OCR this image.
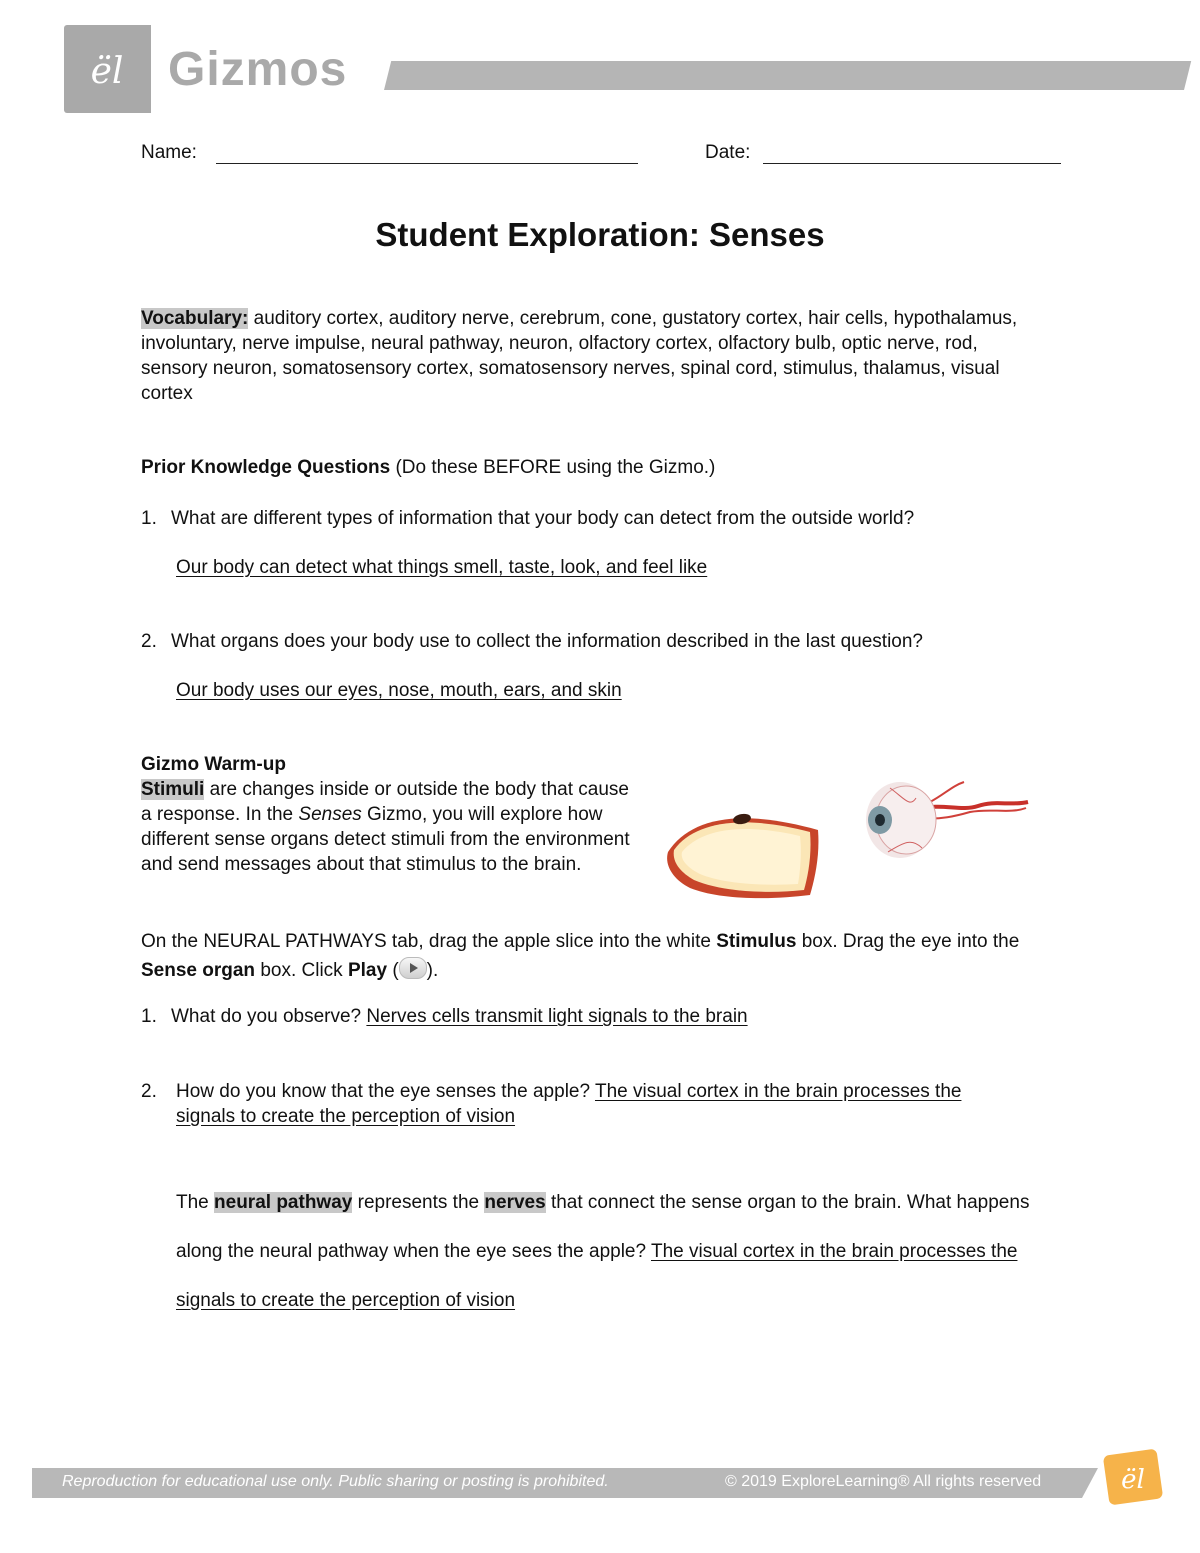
ël Gizmos
Name:	Date:
Student Exploration: Senses
Vocabulary: auditory cortex, auditory nerve, cerebrum, cone, gustatory cortex, hair cells, hypothalamus, involuntary, nerve impulse, neural pathway, neuron, olfactory cortex, olfactory bulb, optic nerve, rod, sensory neuron, somatosensory cortex, somatosensory nerves, spinal cord, stimulus, thalamus, visual cortex
Prior Knowledge Questions (Do these BEFORE using the Gizmo.)
1. What are different types of information that your body can detect from the outside world?
Our body can detect what things smell, taste, look, and feel like
2. What organs does your body use to collect the information described in the last question?
Our body uses our eyes, nose, mouth, ears, and skin
Gizmo Warm-up
Stimuli are changes inside or outside the body that cause a response. In the Senses Gizmo, you will explore how different sense organs detect stimuli from the environment and send messages about that stimulus to the brain.
On the NEURAL PATHWAYS tab, drag the apple slice into the white Stimulus box. Drag the eye into the Sense organ box. Click Play ( ).
1. What do you observe? Nerves cells transmit light signals to the brain
2.	How do you know that the eye senses the apple? The visual cortex in the brain processes the signals to create the perception of vision
The neural pathway represents the nerves that connect the sense organ to the brain. What happens along the neural pathway when the eye sees the apple? The visual cortex in the brain processes the signals to create the perception of vision
Reproduction for educational use only. Public sharing or posting is prohibited.	© 2019 ExploreLearning® All rights reserved	ël
